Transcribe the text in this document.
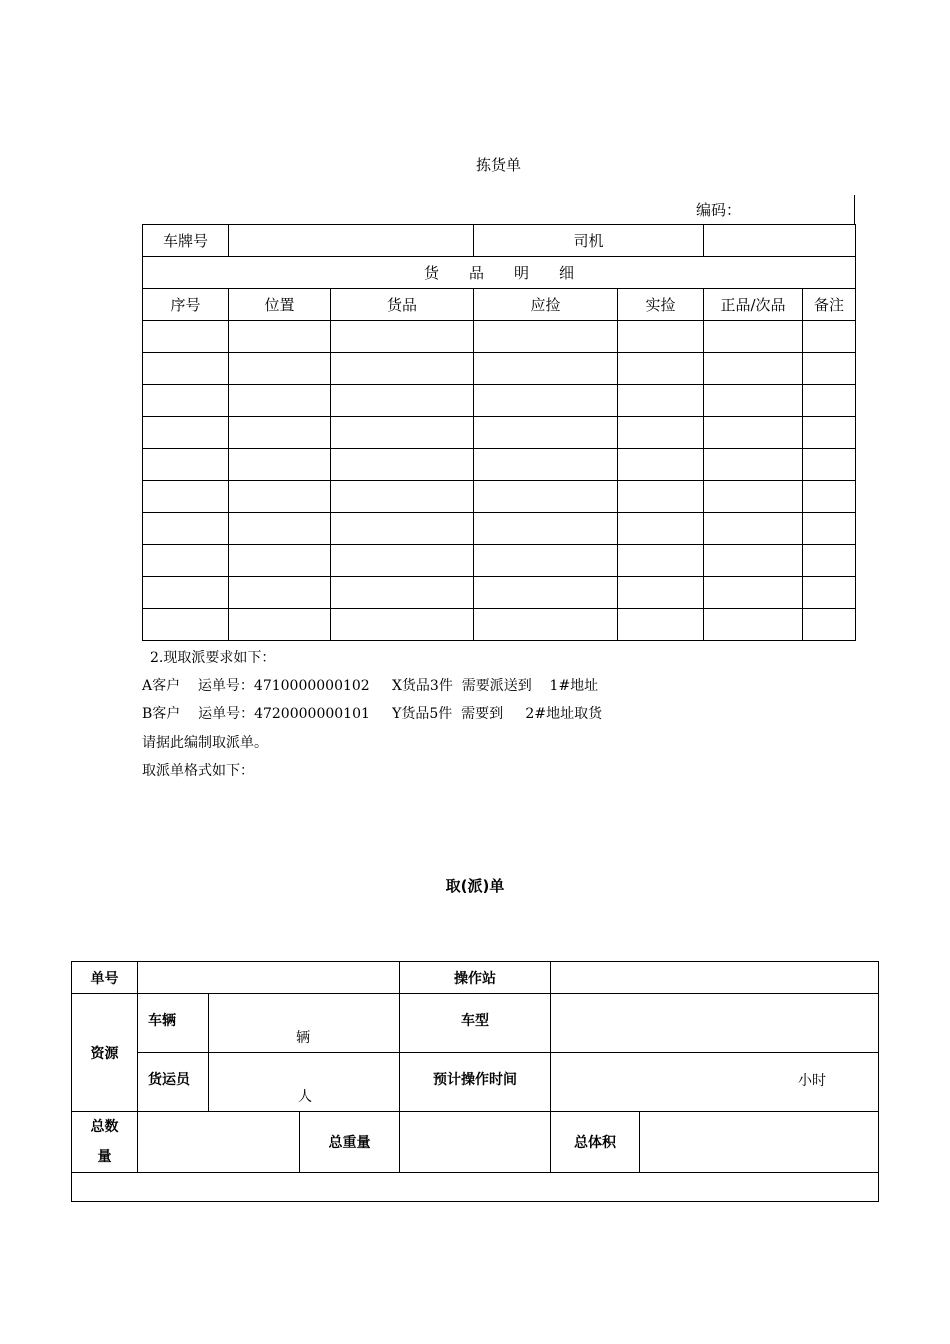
拣货单
编码：
车牌号			司机			
货 品 明 细						
序号	位置	货品	应捡	实捡	正品/次品	备注

2.现取派要求如下：
A客户    运单号：4710000000102     X货品3件  需要派送到    1#地址
B客户    运单号：4720000000101     Y货品5件  需要到     2#地址取货
请据此编制取派单。
取派单格式如下：
取(派)单
单号				操作站		
资源	车辆	辆		车型		
	货运员	人		预计操作时间	小时	

总数
量			总重量		总体积	
